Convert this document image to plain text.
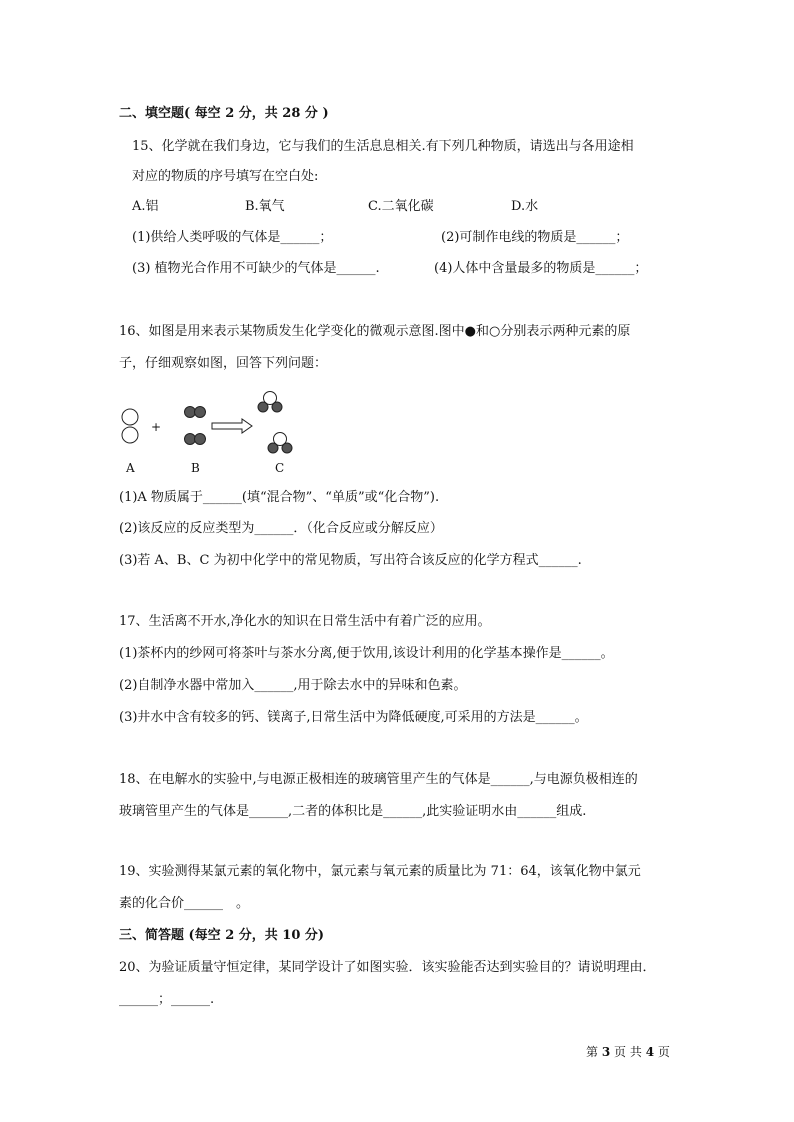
二、填空题( 每空 2 分，共 28 分 )
15、化学就在我们身边，它与我们的生活息息相关.有下列几种物质，请选出与各用途相
对应的物质的序号填写在空白处:
A.铝	B.氧气	C.二氧化碳	D.水
(1)供给人类呼吸的气体是______；	(2)可制作电线的物质是______；
(3) 植物光合作用不可缺少的气体是______.	(4)人体中含量最多的物质是______；
16、如图是用来表示某物质发生化学变化的微观示意图.图中●和○分别表示两种元素的原
子，仔细观察如图，回答下列问题：
+
A	B	C
(1)A 物质属于______(填“混合物”、“单质”或“化合物”).
(2)该反应的反应类型为______．（化合反应或分解反应）
(3)若 A、B、C 为初中化学中的常见物质，写出符合该反应的化学方程式______.
17、生活离不开水,净化水的知识在日常生活中有着广泛的应用。
(1)茶杯内的纱网可将茶叶与茶水分离,便于饮用,该设计利用的化学基本操作是______。
(2)自制净水器中常加入______,用于除去水中的异味和色素。
(3)井水中含有较多的钙、镁离子,日常生活中为降低硬度,可采用的方法是______。
18、在电解水的实验中,与电源正极相连的玻璃管里产生的气体是______,与电源负极相连的
玻璃管里产生的气体是______,二者的体积比是______,此实验证明水由______组成.
19、实验测得某氯元素的氧化物中，氯元素与氧元素的质量比为 71：64，该氧化物中氯元
素的化合价______　。
三、简答题 (每空 2 分，共 10 分)
20、为验证质量守恒定律，某同学设计了如图实验．该实验能否达到实验目的？请说明理由．
______；______.
第 3 页 共 4 页
